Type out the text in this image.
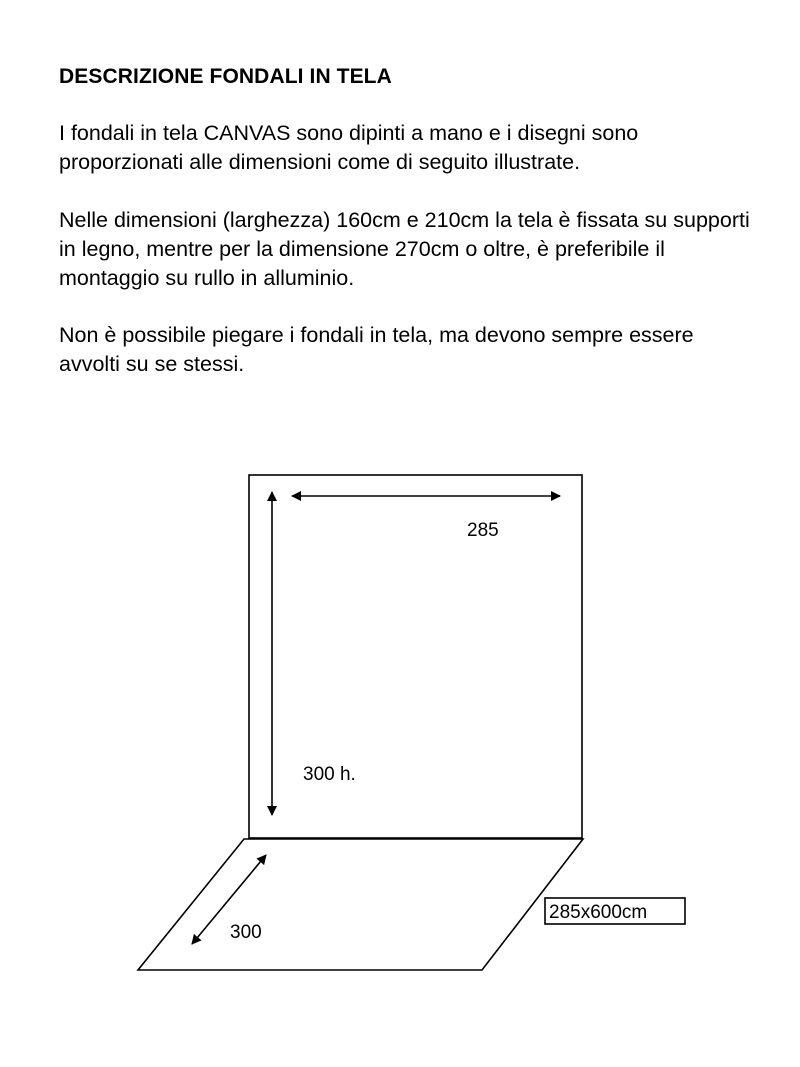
DESCRIZIONE FONDALI IN TELA

I fondali in tela CANVAS sono dipinti a mano e i disegni sono proporzionati alle dimensioni come di seguito illustrate.

Nelle dimensioni (larghezza) 160cm e 210cm la tela è fissata su supporti in legno, mentre per la dimensione 270cm o oltre, è preferibile il montaggio su rullo in alluminio.

Non è possibile piegare i fondali in tela, ma devono sempre essere avvolti su se stessi.

285
300 h.
300
285x600cm
